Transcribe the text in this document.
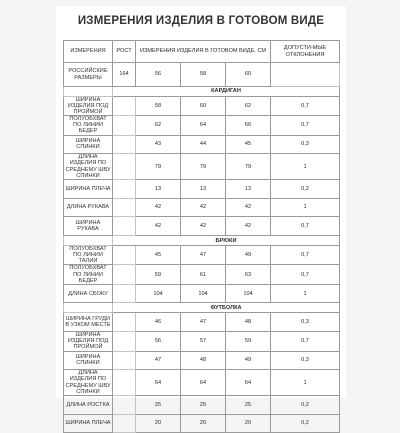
ИЗМЕРЕНИЯ ИЗДЕЛИЯ В ГОТОВОМ ВИДЕ
ИЗМЕРЕНИЯ	РОСТ	ИЗМЕРЕНИЯ ИЗДЕЛИЯ В ГОТОВОМ ВИДЕ, СМ			ДОПУСТИ-МЫЕ ОТКЛОНЕНИЯ
РОССИЙСКИЕ РАЗМЕРЫ	164	56	58	60	
	КАРДИГАН				
ШИРИНА ИЗДЕЛИЯ ПОД ПРОЙМОЙ		58	60	62	0,7
ПОЛУОБХВАТ ПО ЛИНИИ БЕДЕР		62	64	66	0,7
ШИРИНА СПИНКИ		43	44	45	0,3
ДЛИНА ИЗДЕЛИЯ ПО СРЕДНЕМУ ШВУ СПИНКИ		79	79	79	1
ШИРИНА ПЛЕЧА		13	13	13	0,2
ДЛИНА РУКАВА		42	42	42	1
ШИРИНА РУКАВА		42	42	42	0,7
	БРЮКИ				
ПОЛУОБХВАТ ПО ЛИНИИ ТАЛИИ		45	47	49	0,7
ПОЛУОБХВАТ ПО ЛИНИИ БЕДЕР		59	61	63	0,7
ДЛИНА СБОКУ		104	104	104	1
	ФУТБОЛКА				
ШИРИНА ГРУДИ В УЗКОМ МЕСТЕ		46	47	48	0,3
ШИРИНА ИЗДЕЛИЯ ПОД ПРОЙМОЙ		56	57	59	0,7
ШИРИНА СПИНКИ		47	48	49	0,3
ДЛИНА ИЗДЕЛИЯ ПО СРЕДНЕМУ ШВУ СПИНКИ		64	64	64	1
ДЛИНА РОСТКА		25	25	25	0,2
ШИРИНА ПЛЕЧА		20	20	20	0,2
